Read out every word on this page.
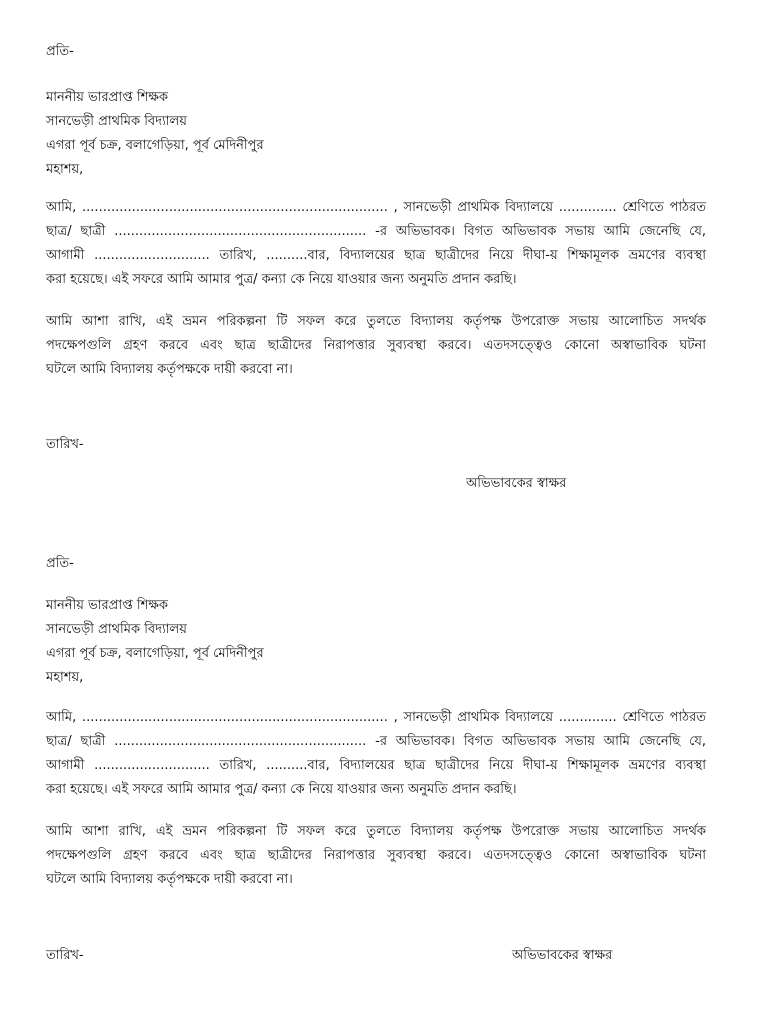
প্রতি-
মাননীয় ভারপ্রাপ্ত শিক্ষক
সানভেড়ী প্রাথমিক বিদ্যালয়
এগরা পূর্ব চক্র, বলাগেড়িয়া, পূর্ব মেদিনীপুর
মহাশয়,
আমি, .......................................................................... , সানভেড়ী প্রাথমিক বিদ্যালয়ে .............. শ্রেণিতে পাঠরত
ছাত্র/ ছাত্রী ............................................................. -র অভিভাবক। বিগত অভিভাবক সভায় আমি জেনেছি যে,
আগামী ............................ তারিখ, ..........বার, বিদ্যালয়ের ছাত্র ছাত্রীদের নিয়ে দীঘা-য় শিক্ষামূলক ভ্রমণের ব্যবস্থা
করা হয়েছে। এই সফরে আমি আমার পুত্র/ কন্যা কে নিয়ে যাওয়ার জন্য অনুমতি প্রদান করছি।
আমি আশা রাখি, এই ভ্রমন পরিকল্পনা টি সফল করে তুলতে বিদ্যালয় কর্তৃপক্ষ উপরোক্ত সভায় আলোচিত সদর্থক
পদক্ষেপগুলি গ্রহণ করবে এবং ছাত্র ছাত্রীদের নিরাপত্তার সুব্যবস্থা করবে। এতদসত্ত্বেও কোনো অস্বাভাবিক ঘটনা
ঘটলে আমি বিদ্যালয় কর্তৃপক্ষকে দায়ী করবো না।
তারিখ-
অভিভাবকের স্বাক্ষর
প্রতি-
মাননীয় ভারপ্রাপ্ত শিক্ষক
সানভেড়ী প্রাথমিক বিদ্যালয়
এগরা পূর্ব চক্র, বলাগেড়িয়া, পূর্ব মেদিনীপুর
মহাশয়,
আমি, .......................................................................... , সানভেড়ী প্রাথমিক বিদ্যালয়ে .............. শ্রেণিতে পাঠরত
ছাত্র/ ছাত্রী ............................................................. -র অভিভাবক। বিগত অভিভাবক সভায় আমি জেনেছি যে,
আগামী ............................ তারিখ, ..........বার, বিদ্যালয়ের ছাত্র ছাত্রীদের নিয়ে দীঘা-য় শিক্ষামূলক ভ্রমণের ব্যবস্থা
করা হয়েছে। এই সফরে আমি আমার পুত্র/ কন্যা কে নিয়ে যাওয়ার জন্য অনুমতি প্রদান করছি।
আমি আশা রাখি, এই ভ্রমন পরিকল্পনা টি সফল করে তুলতে বিদ্যালয় কর্তৃপক্ষ উপরোক্ত সভায় আলোচিত সদর্থক
পদক্ষেপগুলি গ্রহণ করবে এবং ছাত্র ছাত্রীদের নিরাপত্তার সুব্যবস্থা করবে। এতদসত্ত্বেও কোনো অস্বাভাবিক ঘটনা
ঘটলে আমি বিদ্যালয় কর্তৃপক্ষকে দায়ী করবো না।
তারিখ-	অভিভাবকের স্বাক্ষর
